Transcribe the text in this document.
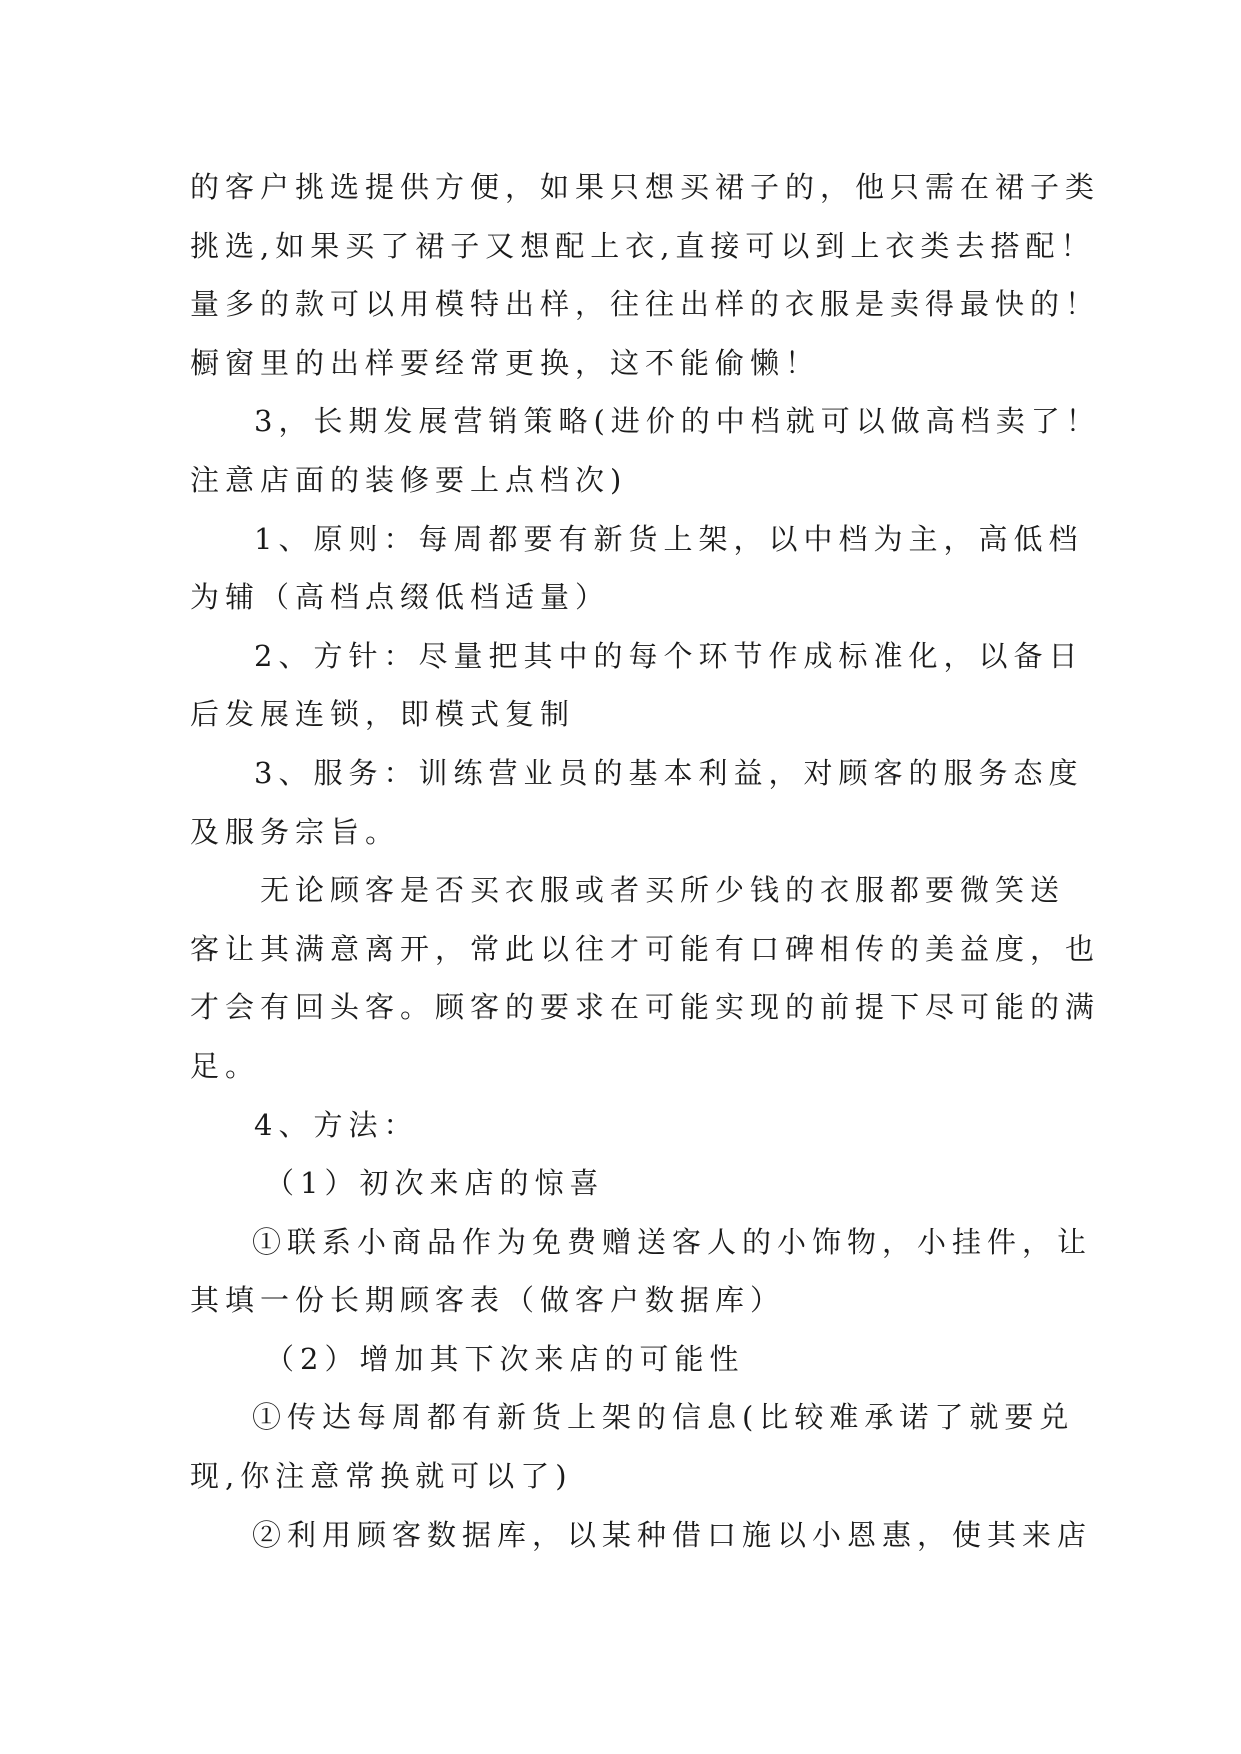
的客户挑选提供方便，如果只想买裙子的，他只需在裙子类
挑选,如果买了裙子又想配上衣,直接可以到上衣类去搭配！
量多的款可以用模特出样，往往出样的衣服是卖得最快的！
橱窗里的出样要经常更换，这不能偷懒！
3，长期发展营销策略(进价的中档就可以做高档卖了！
注意店面的装修要上点档次)
1、原则：每周都要有新货上架，以中档为主，高低档
为辅（高档点缀低档适量）
2、方针：尽量把其中的每个环节作成标准化，以备日
后发展连锁，即模式复制
3、服务：训练营业员的基本利益，对顾客的服务态度
及服务宗旨。
无论顾客是否买衣服或者买所少钱的衣服都要微笑送
客让其满意离开，常此以往才可能有口碑相传的美益度，也
才会有回头客。顾客的要求在可能实现的前提下尽可能的满
足。
4、方法：
（1）初次来店的惊喜
①联系小商品作为免费赠送客人的小饰物，小挂件，让
其填一份长期顾客表（做客户数据库）
（2）增加其下次来店的可能性
①传达每周都有新货上架的信息(比较难承诺了就要兑
现,你注意常换就可以了)
②利用顾客数据库，以某种借口施以小恩惠，使其来店
